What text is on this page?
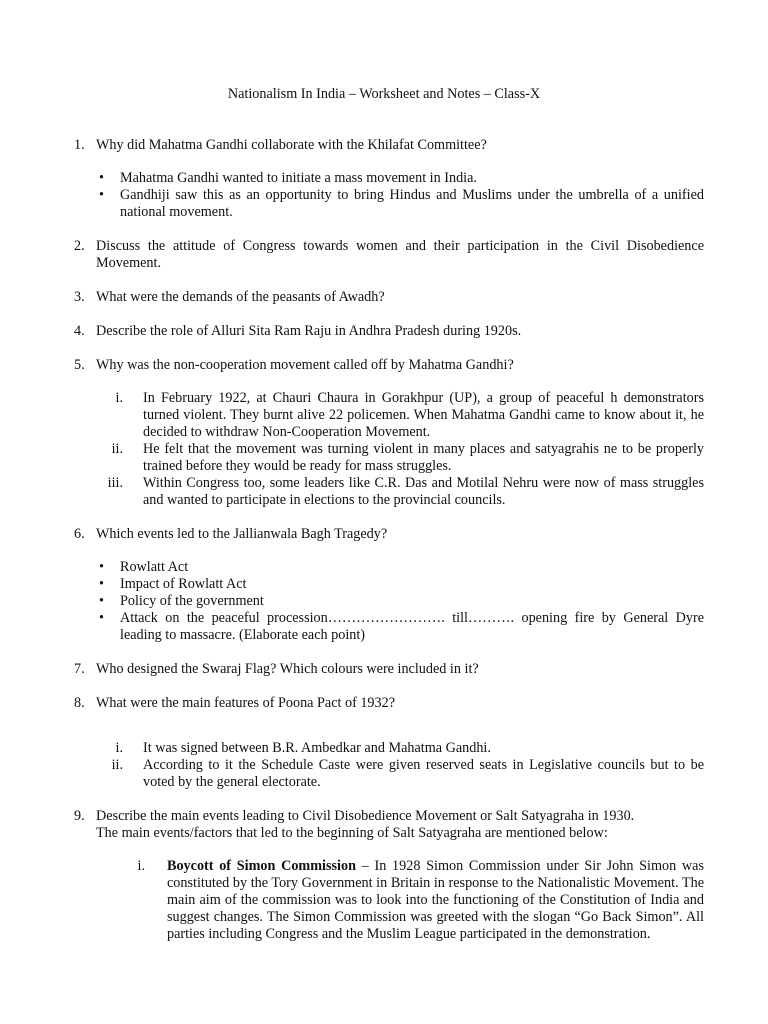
Nationalism In India – Worksheet and Notes – Class-X
1. Why did Mahatma Gandhi collaborate with the Khilafat Committee?
• Mahatma Gandhi wanted to initiate a mass movement in India.
• Gandhiji saw this as an opportunity to bring Hindus and Muslims under the umbrella of a unified national movement.
2. Discuss the attitude of Congress towards women and their participation in the Civil Disobedience Movement.
3. What were the demands of the peasants of Awadh?
4. Describe the role of Alluri Sita Ram Raju in Andhra Pradesh during 1920s.
5. Why was the non-cooperation movement called off by Mahatma Gandhi?
i. In February 1922, at Chauri Chaura in Gorakhpur (UP), a group of peaceful h demonstrators turned violent. They burnt alive 22 policemen. When Mahatma Gandhi came to know about it, he decided to withdraw Non-Cooperation Movement.
ii. He felt that the movement was turning violent in many places and satyagrahis ne to be properly trained before they would be ready for mass struggles.
iii. Within Congress too, some leaders like C.R. Das and Motilal Nehru were now of mass struggles and wanted to participate in elections to the provincial councils.
6. Which events led to the Jallianwala Bagh Tragedy?
• Rowlatt Act
• Impact of Rowlatt Act
• Policy of the government
• Attack on the peaceful procession……………………. till………. opening fire by General Dyre leading to massacre. (Elaborate each point)
7. Who designed the Swaraj Flag? Which colours were included in it?
8. What were the main features of Poona Pact of 1932?
i. It was signed between B.R. Ambedkar and Mahatma Gandhi.
ii. According to it the Schedule Caste were given reserved seats in Legislative councils but to be voted by the general electorate.
9. Describe the main events leading to Civil Disobedience Movement or Salt Satyagraha in 1930.
The main events/factors that led to the beginning of Salt Satyagraha are mentioned below:
i. Boycott of Simon Commission – In 1928 Simon Commission under Sir John Simon was constituted by the Tory Government in Britain in response to the Nationalistic Movement. The main aim of the commission was to look into the functioning of the Constitution of India and suggest changes. The Simon Commission was greeted with the slogan “Go Back Simon”. All parties including Congress and the Muslim League participated in the demonstration.
